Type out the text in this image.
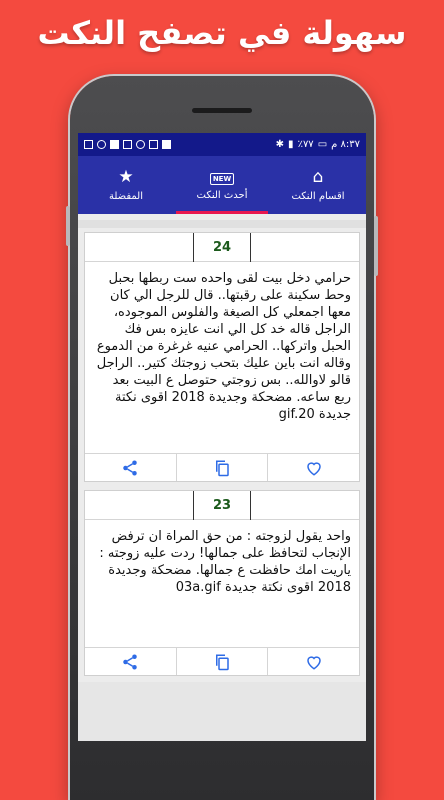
سهولة في تصفح النكت
✱ ▮ ٪٧٧ ▭ ٨:٣٧ م
★
المفضلة
NEW
أحدث النكت
⌂
اقسام النكت
24
حرامي دخل بيت لقى واحده ست ربطها بحبل وحط سكينة على رقبتها.. قال للرجل الي كان معها اجمعلي كل الصيغة والفلوس الموجوده، الراجل قاله خد كل الي انت عايزه بس فك الحبل واتركها.. الحرامي عنيه غرغرة من الدموع وقاله انت باين عليك بتحب زوجتك كتير.. الراجل قالو لاوالله.. بس زوجتي حتوصل ع البيت بعد ربع ساعه. مضحكة وجديدة 2018 اقوى نكتة جديدة gif.20
23
واحد يقول لزوجته : من حق المراة ان ترفض الإنجاب لتحافظ على جمالها! ردت عليه زوجته : ياريت امك حافظت ع جمالها. مضحكة وجديدة 2018 اقوى نكتة جديدة 03a.gif
